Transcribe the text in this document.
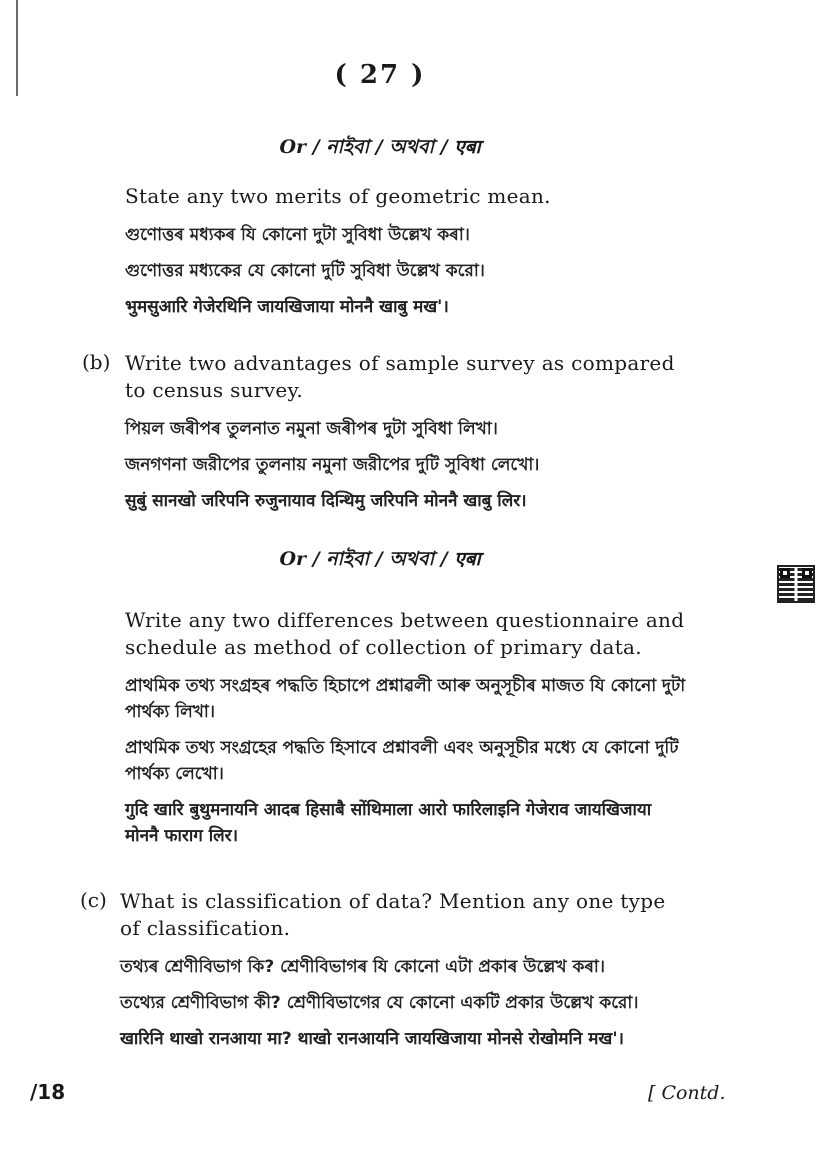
( 27 )
Or / নাইবা / অথবা / एबा

State any two merits of geometric mean.

গুণোত্তৰ মধ্যকৰ যি কোনো দুটা সুবিধা উল্লেখ কৰা।

গুণোত্তর মধ্যকের যে কোনো দুটি সুবিধা উল্লেখ করো।

भुमसुआरि गेजेरथिनि जायखिजाया मोननै खाबु मख'।

(b) Write two advantages of sample survey as compared to census survey.

পিয়ল জৰীপৰ তুলনাত নমুনা জৰীপৰ দুটা সুবিধা লিখা।

জনগণনা জরীপের তুলনায় নমুনা জরীপের দুটি সুবিধা লেখো।

सुबुं सानखो जरिपनि रुजुनायाव दिन्थिमु जरिपनि मोननै खाबु लिर।

Or / নাইবা / অথবা / एबा

Write any two differences between questionnaire and schedule as method of collection of primary data.

প্ৰাথমিক তথ্য সংগ্ৰহৰ পদ্ধতি হিচাপে প্ৰশ্নাৱলী আৰু অনুসূচীৰ মাজত যি কোনো দুটা পাৰ্থক্য লিখা।

প্রাথমিক তথ্য সংগ্রহের পদ্ধতি হিসাবে প্রশ্নাবলী এবং অনুসূচীর মধ্যে যে কোনো দুটি পার্থক্য লেখো।

गुदि खारि बुथुमनायनि आदब हिसाबै सोंथिमाला आरो फारिलाइनि गेजेराव जायखिजाया मोननै फाराग लिर।

(c) What is classification of data? Mention any one type of classification.

তথ্যৰ শ্ৰেণীবিভাগ কি? শ্ৰেণীবিভাগৰ যি কোনো এটা প্ৰকাৰ উল্লেখ কৰা।

তথ্যের শ্রেণীবিভাগ কী? শ্রেণীবিভাগের যে কোনো একটি প্রকার উল্লেখ করো।

खारिनि थाखो रानआया मा? थाखो रानआयनि जायखिजाया मोनसे रोखोमनि मख'।

/18	[ Contd.
